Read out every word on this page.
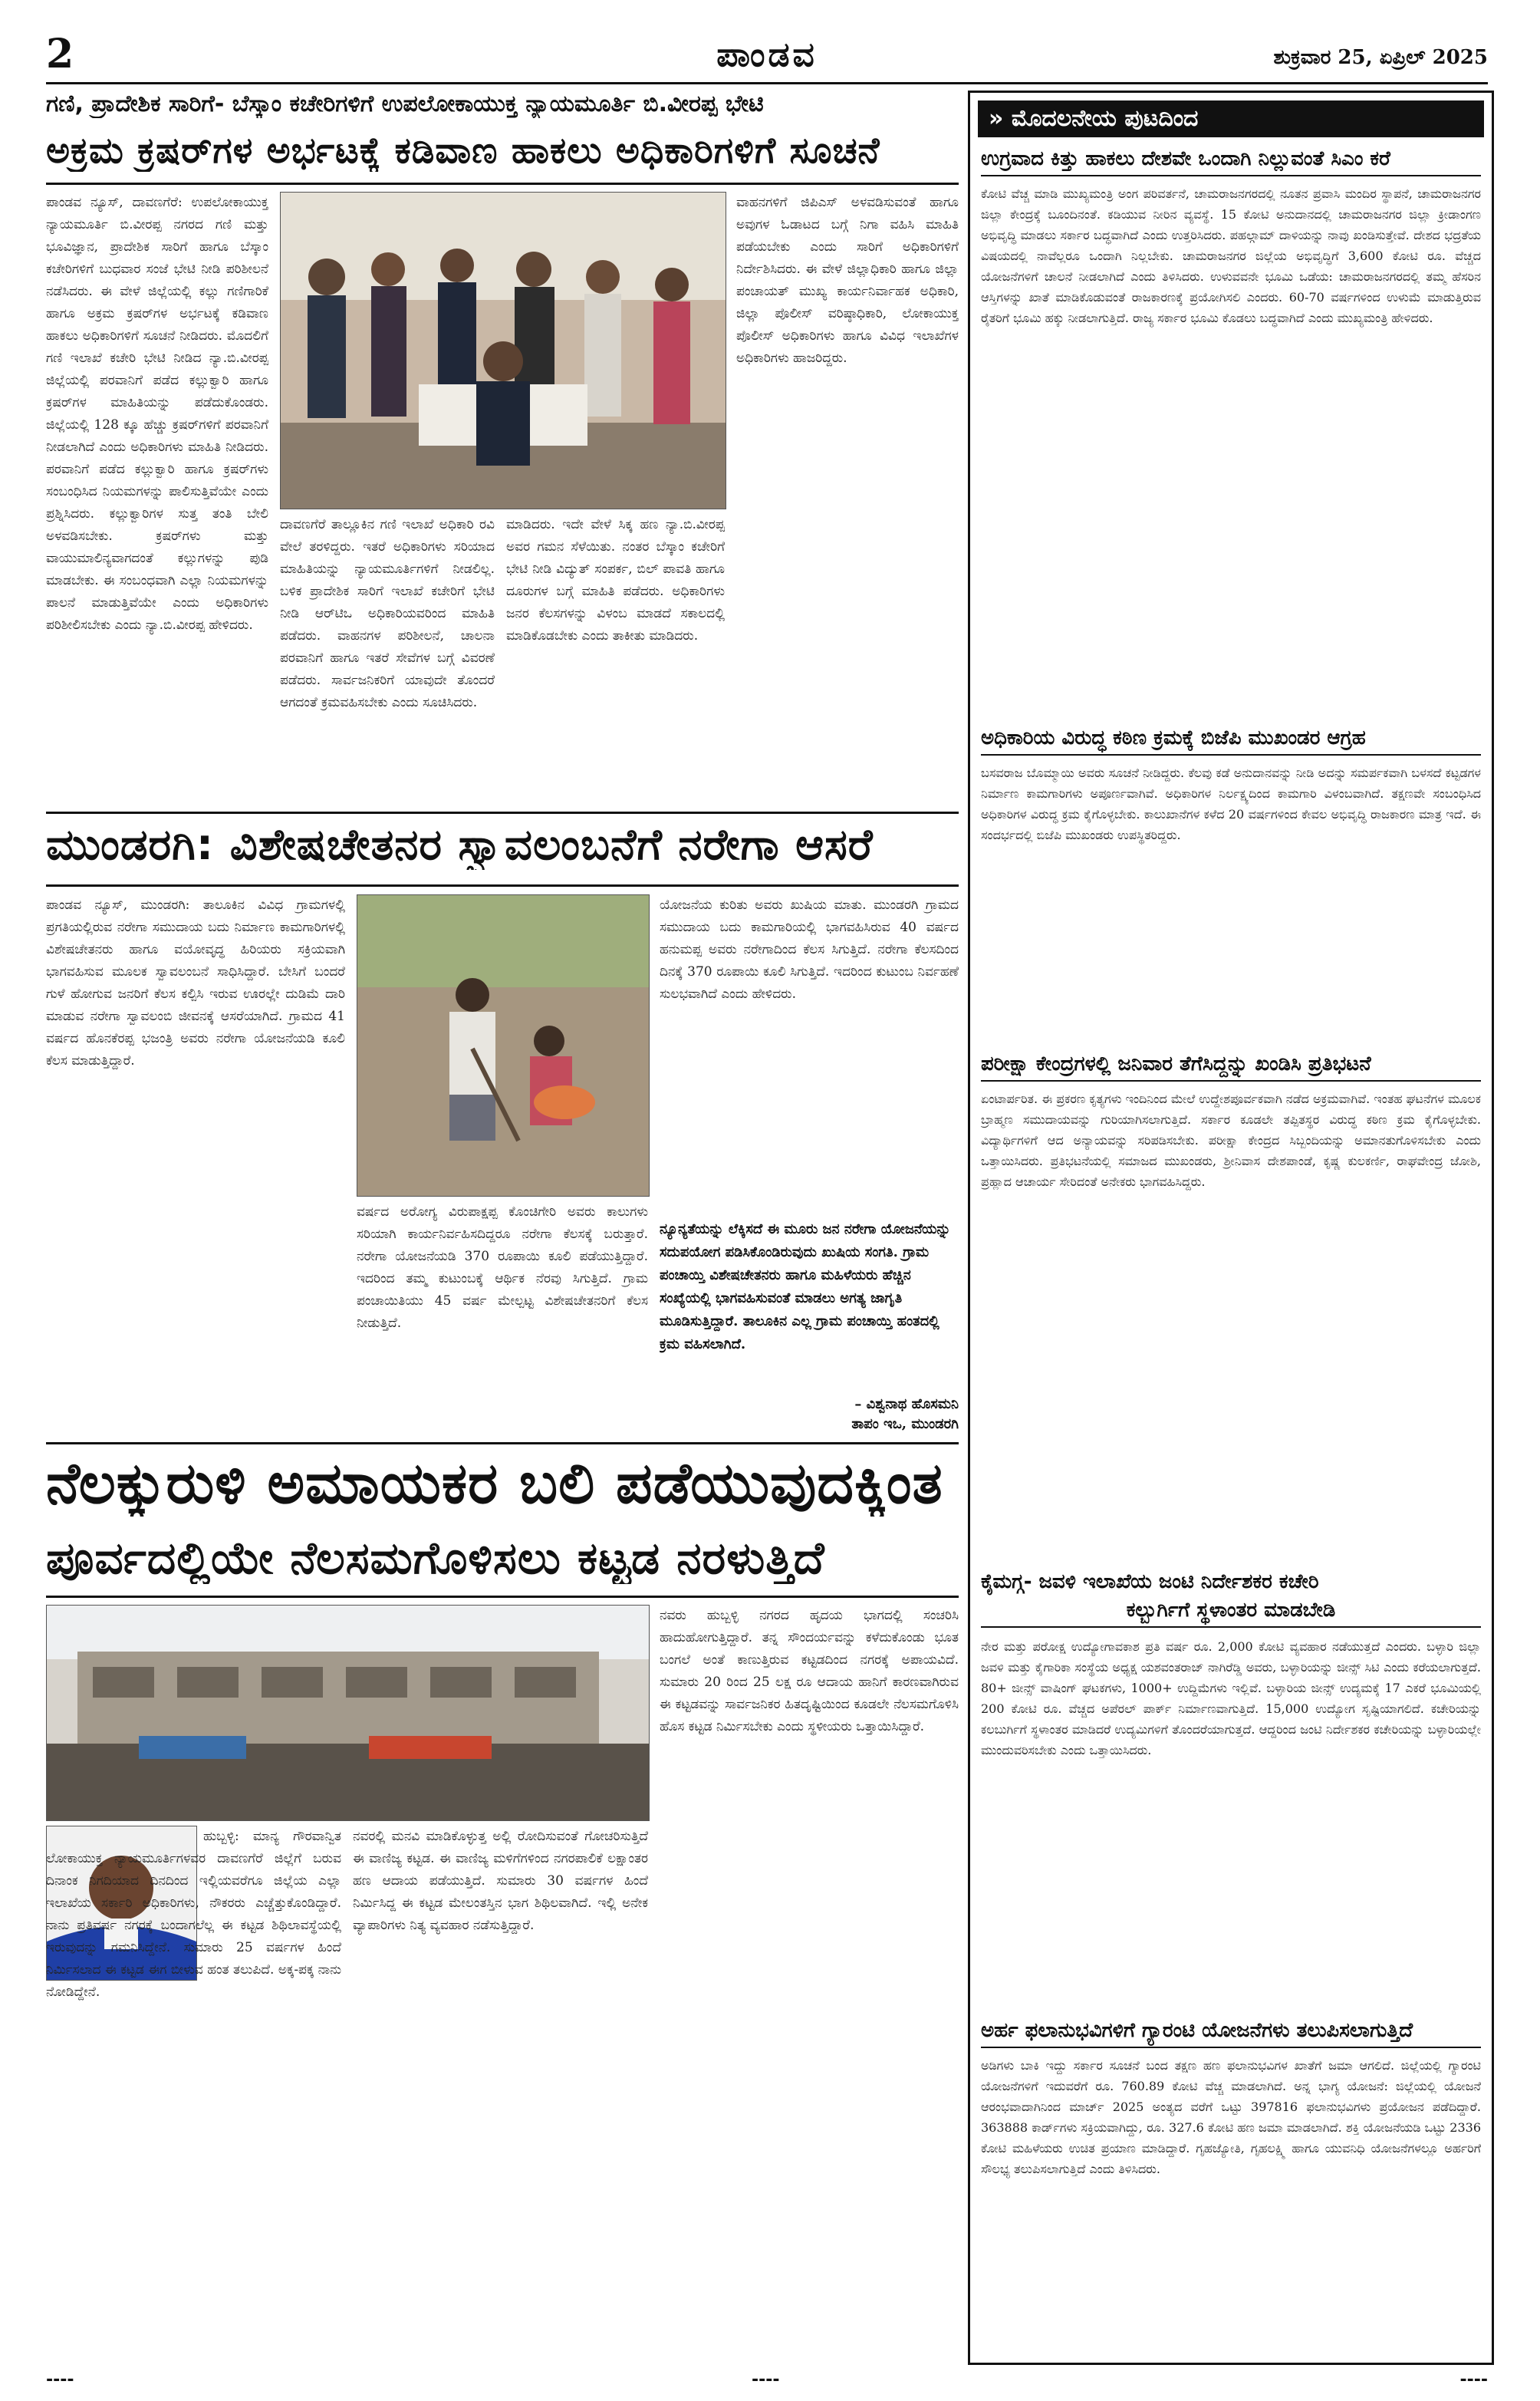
2	ಪಾಂಡವ	ಶುಕ್ರವಾರ 25, ಏಪ್ರಿಲ್ 2025
ಗಣಿ, ಪ್ರಾದೇಶಿಕ ಸಾರಿಗೆ- ಬೆಸ್ಕಾಂ ಕಚೇರಿಗಳಿಗೆ ಉಪಲೋಕಾಯುಕ್ತ ನ್ಯಾಯಮೂರ್ತಿ ಬಿ.ವೀರಪ್ಪ ಭೇಟಿ
ಅಕ್ರಮ ಕ್ರಷರ್‌ಗಳ ಅರ್ಭಟಕ್ಕೆ ಕಡಿವಾಣ ಹಾಕಲು ಅಧಿಕಾರಿಗಳಿಗೆ ಸೂಚನೆ
ಪಾಂಡವ ನ್ಯೂಸ್, ದಾವಣಗೆರೆ: ಉಪಲೋಕಾಯುಕ್ತ ನ್ಯಾಯಮೂರ್ತಿ ಬಿ.ವೀರಪ್ಪ ನಗರದ ಗಣಿ ಮತ್ತು ಭೂವಿಜ್ಞಾನ, ಪ್ರಾದೇಶಿಕ ಸಾರಿಗೆ ಹಾಗೂ ಬೆಸ್ಕಾಂ ಕಚೇರಿಗಳಿಗೆ ಬುಧವಾರ ಸಂಜೆ ಭೇಟಿ ನೀಡಿ ಪರಿಶೀಲನೆ ನಡೆಸಿದರು. ಈ ವೇಳೆ ಜಿಲ್ಲೆಯಲ್ಲಿ ಕಲ್ಲು ಗಣಿಗಾರಿಕೆ ಹಾಗೂ ಅಕ್ರಮ ಕ್ರಷರ್‌ಗಳ ಅರ್ಭಟಕ್ಕೆ ಕಡಿವಾಣ ಹಾಕಲು ಅಧಿಕಾರಿಗಳಿಗೆ ಸೂಚನೆ ನೀಡಿದರು. ಮೊದಲಿಗೆ ಗಣಿ ಇಲಾಖೆ ಕಚೇರಿ ಭೇಟಿ ನೀಡಿದ ನ್ಯಾ.ಬಿ.ವೀರಪ್ಪ ಜಿಲ್ಲೆಯಲ್ಲಿ ಪರವಾನಿಗೆ ಪಡೆದ ಕಲ್ಲುಕ್ವಾರಿ ಹಾಗೂ ಕ್ರಷರ್‌ಗಳ ಮಾಹಿತಿಯನ್ನು ಪಡೆದುಕೊಂಡರು. ಜಿಲ್ಲೆಯಲ್ಲಿ 128 ಕ್ಕೂ ಹೆಚ್ಚು ಕ್ರಷರ್‌ಗಳಿಗೆ ಪರವಾನಿಗೆ ನೀಡಲಾಗಿದೆ ಎಂದು ಅಧಿಕಾರಿಗಳು ಮಾಹಿತಿ ನೀಡಿದರು. ಪರವಾನಿಗೆ ಪಡೆದ ಕಲ್ಲುಕ್ವಾರಿ ಹಾಗೂ ಕ್ರಷರ್‌ಗಳು ಸಂಬಂಧಿಸಿದ ನಿಯಮಗಳನ್ನು ಪಾಲಿಸುತ್ತಿವೆಯೇ ಎಂದು ಪ್ರಶ್ನಿಸಿದರು. ಕಲ್ಲುಕ್ವಾರಿಗಳ ಸುತ್ತ ತಂತಿ ಬೇಲಿ ಅಳವಡಿಸಬೇಕು. ಕ್ರಷರ್‌ಗಳು ಮತ್ತು ವಾಯುಮಾಲಿನ್ಯವಾಗದಂತೆ ಕಲ್ಲುಗಳನ್ನು ಪುಡಿ ಮಾಡಬೇಕು. ಈ ಸಂಬಂಧವಾಗಿ ಎಲ್ಲಾ ನಿಯಮಗಳನ್ನು ಪಾಲನೆ ಮಾಡುತ್ತಿವೆಯೇ ಎಂದು ಅಧಿಕಾರಿಗಳು ಪರಿಶೀಲಿಸಬೇಕು ಎಂದು ನ್ಯಾ.ಬಿ.ವೀರಪ್ಪ ಹೇಳಿದರು.
ದಾವಣಗೆರೆ ತಾಲ್ಲೂಕಿನ ಗಣಿ ಇಲಾಖೆ ಅಧಿಕಾರಿ ರವಿ ವೇಲೆ ತರಳಿದ್ದರು. ಇತರೆ ಅಧಿಕಾರಿಗಳು ಸರಿಯಾದ ಮಾಹಿತಿಯನ್ನು ನ್ಯಾಯಮೂರ್ತಿಗಳಿಗೆ ನೀಡಲಿಲ್ಲ. ಬಳಿಕ ಪ್ರಾದೇಶಿಕ ಸಾರಿಗೆ ಇಲಾಖೆ ಕಚೇರಿಗೆ ಭೇಟಿ ನೀಡಿ ಆರ್‌ಟಿಒ ಅಧಿಕಾರಿಯವರಿಂದ ಮಾಹಿತಿ ಪಡೆದರು. ವಾಹನಗಳ ಪರಿಶೀಲನೆ, ಚಾಲನಾ ಪರವಾನಿಗೆ ಹಾಗೂ ಇತರೆ ಸೇವೆಗಳ ಬಗ್ಗೆ ವಿವರಣೆ ಪಡೆದರು. ಸಾರ್ವಜನಿಕರಿಗೆ ಯಾವುದೇ ತೊಂದರೆ ಆಗದಂತೆ ಕ್ರಮವಹಿಸಬೇಕು ಎಂದು ಸೂಚಿಸಿದರು.
ಮಾಡಿದರು. ಇದೇ ವೇಳೆ ಸಿಕ್ಕ ಹಣ ನ್ಯಾ.ಬಿ.ವೀರಪ್ಪ ಅವರ ಗಮನ ಸೆಳೆಯಿತು. ನಂತರ ಬೆಸ್ಕಾಂ ಕಚೇರಿಗೆ ಭೇಟಿ ನೀಡಿ ವಿದ್ಯುತ್ ಸಂಪರ್ಕ, ಬಿಲ್ ಪಾವತಿ ಹಾಗೂ ದೂರುಗಳ ಬಗ್ಗೆ ಮಾಹಿತಿ ಪಡೆದರು. ಅಧಿಕಾರಿಗಳು ಜನರ ಕೆಲಸಗಳನ್ನು ವಿಳಂಬ ಮಾಡದೆ ಸಕಾಲದಲ್ಲಿ ಮಾಡಿಕೊಡಬೇಕು ಎಂದು ತಾಕೀತು ಮಾಡಿದರು.
ವಾಹನಗಳಿಗೆ ಜಿಪಿಎಸ್ ಅಳವಡಿಸುವಂತೆ ಹಾಗೂ ಅವುಗಳ ಓಡಾಟದ ಬಗ್ಗೆ ನಿಗಾ ವಹಿಸಿ ಮಾಹಿತಿ ಪಡೆಯಬೇಕು ಎಂದು ಸಾರಿಗೆ ಅಧಿಕಾರಿಗಳಿಗೆ ನಿರ್ದೇಶಿಸಿದರು. ಈ ವೇಳೆ ಜಿಲ್ಲಾಧಿಕಾರಿ ಹಾಗೂ ಜಿಲ್ಲಾ ಪಂಚಾಯತ್ ಮುಖ್ಯ ಕಾರ್ಯನಿರ್ವಾಹಕ ಅಧಿಕಾರಿ, ಜಿಲ್ಲಾ ಪೊಲೀಸ್ ವರಿಷ್ಠಾಧಿಕಾರಿ, ಲೋಕಾಯುಕ್ತ ಪೊಲೀಸ್ ಅಧಿಕಾರಿಗಳು ಹಾಗೂ ವಿವಿಧ ಇಲಾಖೆಗಳ ಅಧಿಕಾರಿಗಳು ಹಾಜರಿದ್ದರು.
ಮುಂಡರಗಿ: ವಿಶೇಷಚೇತನರ ಸ್ವಾವಲಂಬನೆಗೆ ನರೇಗಾ ಆಸರೆ
ಪಾಂಡವ ನ್ಯೂಸ್, ಮುಂಡರಗಿ: ತಾಲೂಕಿನ ವಿವಿಧ ಗ್ರಾಮಗಳಲ್ಲಿ ಪ್ರಗತಿಯಲ್ಲಿರುವ ನರೇಗಾ ಸಮುದಾಯ ಬದು ನಿರ್ಮಾಣ ಕಾಮಗಾರಿಗಳಲ್ಲಿ ವಿಶೇಷಚೇತನರು ಹಾಗೂ ವಯೋವೃದ್ಧ ಹಿರಿಯರು ಸಕ್ರಿಯವಾಗಿ ಭಾಗವಹಿಸುವ ಮೂಲಕ ಸ್ವಾವಲಂಬನೆ ಸಾಧಿಸಿದ್ದಾರೆ. ಬೇಸಿಗೆ ಬಂದರೆ ಗುಳೆ ಹೋಗುವ ಜನರಿಗೆ ಕೆಲಸ ಕಲ್ಪಿಸಿ ಇರುವ ಊರಲ್ಲೇ ದುಡಿಮೆ ದಾರಿ ಮಾಡುವ ನರೇಗಾ ಸ್ವಾವಲಂಬಿ ಜೀವನಕ್ಕೆ ಆಸರೆಯಾಗಿದೆ. ಗ್ರಾಮದ 41 ವರ್ಷದ ಹೊನಕೆರಪ್ಪ ಭಜಂತ್ರಿ ಅವರು ನರೇಗಾ ಯೋಜನೆಯಡಿ ಕೂಲಿ ಕೆಲಸ ಮಾಡುತ್ತಿದ್ದಾರೆ.
ವರ್ಷದ ಅರೋಗ್ಯ ವಿರುಪಾಕ್ಷಪ್ಪ ಕೊಂಚಿಗೇರಿ ಅವರು ಕಾಲುಗಳು ಸರಿಯಾಗಿ ಕಾರ್ಯನಿರ್ವಹಿಸದಿದ್ದರೂ ನರೇಗಾ ಕೆಲಸಕ್ಕೆ ಬರುತ್ತಾರೆ. ನರೇಗಾ ಯೋಜನೆಯಡಿ 370 ರೂಪಾಯಿ ಕೂಲಿ ಪಡೆಯುತ್ತಿದ್ದಾರೆ. ಇದರಿಂದ ತಮ್ಮ ಕುಟುಂಬಕ್ಕೆ ಆರ್ಥಿಕ ನೆರವು ಸಿಗುತ್ತಿದೆ. ಗ್ರಾಮ ಪಂಚಾಯಿತಿಯು 45 ವರ್ಷ ಮೇಲ್ಪಟ್ಟ ವಿಶೇಷಚೇತನರಿಗೆ ಕೆಲಸ ನೀಡುತ್ತಿದೆ.
ಯೋಜನೆಯ ಕುರಿತು ಅವರು ಖುಷಿಯ ಮಾತು. ಮುಂಡರಗಿ ಗ್ರಾಮದ ಸಮುದಾಯ ಬದು ಕಾಮಗಾರಿಯಲ್ಲಿ ಭಾಗವಹಿಸಿರುವ 40 ವರ್ಷದ ಹನುಮಪ್ಪ ಅವರು ನರೇಗಾದಿಂದ ಕೆಲಸ ಸಿಗುತ್ತಿದೆ. ನರೇಗಾ ಕೆಲಸದಿಂದ ದಿನಕ್ಕೆ 370 ರೂಪಾಯಿ ಕೂಲಿ ಸಿಗುತ್ತಿದೆ. ಇದರಿಂದ ಕುಟುಂಬ ನಿರ್ವಹಣೆ ಸುಲಭವಾಗಿದೆ ಎಂದು ಹೇಳಿದರು.
ನ್ಯೂನ್ಯತೆಯನ್ನು ಲೆಕ್ಕಿಸದೆ ಈ ಮೂರು ಜನ ನರೇಗಾ ಯೋಜನೆಯನ್ನು ಸದುಪಯೋಗ ಪಡಿಸಿಕೊಂಡಿರುವುದು ಖುಷಿಯ ಸಂಗತಿ. ಗ್ರಾಮ ಪಂಚಾಯ್ತಿ ವಿಶೇಷಚೇತನರು ಹಾಗೂ ಮಹಿಳೆಯರು ಹೆಚ್ಚಿನ ಸಂಖ್ಯೆಯಲ್ಲಿ ಭಾಗವಹಿಸುವಂತೆ ಮಾಡಲು ಅಗತ್ಯ ಜಾಗೃತಿ ಮೂಡಿಸುತ್ತಿದ್ದಾರೆ. ತಾಲೂಕಿನ ಎಲ್ಲ ಗ್ರಾಮ ಪಂಚಾಯ್ತಿ ಹಂತದಲ್ಲಿ ಕ್ರಮ ವಹಿಸಲಾಗಿದೆ.
– ವಿಶ್ವನಾಥ ಹೊಸಮನಿ
ತಾಪಂ ಇಒ, ಮುಂಡರಗಿ
ನೆಲಕ್ಕುರುಳಿ ಅಮಾಯಕರ ಬಲಿ ಪಡೆಯುವುದಕ್ಕಿಂತ
ಪೂರ್ವದಲ್ಲಿಯೇ ನೆಲಸಮಗೊಳಿಸಲು ಕಟ್ಟಡ ನರಳುತ್ತಿದೆ
ಹುಬ್ಬಳ್ಳಿ: ಮಾನ್ಯ ಗೌರವಾನ್ವಿತ ಲೋಕಾಯುಕ್ತ ನ್ಯಾಯಮೂರ್ತಿಗಳವರ ದಾವಣಗೆರೆ ಜಿಲ್ಲೆಗೆ ಬರುವ ದಿನಾಂಕ ನಿಗದಿಯಾದ ದಿನದಿಂದ ಇಲ್ಲಿಯವರೆಗೂ ಜಿಲ್ಲೆಯ ಎಲ್ಲಾ ಇಲಾಖೆಯ ಸರ್ಕಾರಿ ಅಧಿಕಾರಿಗಳು, ನೌಕರರು ಎಚ್ಚೆತ್ತುಕೊಂಡಿದ್ದಾರೆ. ನಾನು ಪ್ರತಿವರ್ಷ ನಗರಕ್ಕೆ ಬಂದಾಗಲೆಲ್ಲ ಈ ಕಟ್ಟಡ ಶಿಥಿಲಾವಸ್ಥೆಯಲ್ಲಿ ಇರುವುದನ್ನು ಗಮನಿಸಿದ್ದೇನೆ. ಸುಮಾರು 25 ವರ್ಷಗಳ ಹಿಂದೆ ನಿರ್ಮಿಸಲಾದ ಈ ಕಟ್ಟಡ ಈಗ ಬೀಳುವ ಹಂತ ತಲುಪಿದೆ. ಅಕ್ಕ-ಪಕ್ಕ ನಾನು ನೋಡಿದ್ದೇನೆ.
ನವರಲ್ಲಿ ಮನವಿ ಮಾಡಿಕೊಳ್ಳುತ್ತ ಅಲ್ಲಿ ರೋದಿಸುವಂತೆ ಗೋಚರಿಸುತ್ತಿದೆ ಈ ವಾಣಿಜ್ಯ ಕಟ್ಟಡ. ಈ ವಾಣಿಜ್ಯ ಮಳಿಗೆಗಳಿಂದ ನಗರಪಾಲಿಕೆ ಲಕ್ಷಾಂತರ ಹಣ ಆದಾಯ ಪಡೆಯುತ್ತಿದೆ. ಸುಮಾರು 30 ವರ್ಷಗಳ ಹಿಂದೆ ನಿರ್ಮಿಸಿದ್ದ ಈ ಕಟ್ಟಡ ಮೇಲಂತಸ್ತಿನ ಭಾಗ ಶಿಥಿಲವಾಗಿದೆ. ಇಲ್ಲಿ ಅನೇಕ ವ್ಯಾಪಾರಿಗಳು ನಿತ್ಯ ವ್ಯವಹಾರ ನಡೆಸುತ್ತಿದ್ದಾರೆ.
ನವರು ಹುಬ್ಬಳ್ಳಿ ನಗರದ ಹೃದಯ ಭಾಗದಲ್ಲಿ ಸಂಚರಿಸಿ ಹಾದುಹೋಗುತ್ತಿದ್ದಾರೆ. ತನ್ನ ಸೌಂದರ್ಯವನ್ನು ಕಳೆದುಕೊಂಡು ಭೂತ ಬಂಗಲೆ ಅಂತೆ ಕಾಣುತ್ತಿರುವ ಕಟ್ಟಡದಿಂದ ನಗರಕ್ಕೆ ಅಪಾಯವಿದೆ. ಸುಮಾರು 20 ರಿಂದ 25 ಲಕ್ಷ ರೂ ಆದಾಯ ಹಾನಿಗೆ ಕಾರಣವಾಗಿರುವ ಈ ಕಟ್ಟಡವನ್ನು ಸಾರ್ವಜನಿಕರ ಹಿತದೃಷ್ಟಿಯಿಂದ ಕೂಡಲೇ ನೆಲಸಮಗೊಳಿಸಿ ಹೊಸ ಕಟ್ಟಡ ನಿರ್ಮಿಸಬೇಕು ಎಂದು ಸ್ಥಳೀಯರು ಒತ್ತಾಯಿಸಿದ್ದಾರೆ.
» ಮೊದಲನೇಯ ಪುಟದಿಂದ
ಉಗ್ರವಾದ ಕಿತ್ತು ಹಾಕಲು ದೇಶವೇ ಒಂದಾಗಿ ನಿಲ್ಲುವಂತೆ ಸಿಎಂ ಕರೆ
ಕೋಟಿ ವೆಚ್ಚ ಮಾಡಿ ಮುಖ್ಯಮಂತ್ರಿ ಅಂಗ ಪರಿವರ್ತನೆ, ಚಾಮರಾಜನಗರದಲ್ಲಿ ನೂತನ ಪ್ರವಾಸಿ ಮಂದಿರ ಸ್ಥಾಪನೆ, ಚಾಮರಾಜನಗರ ಜಿಲ್ಲಾ ಕೇಂದ್ರಕ್ಕೆ ಬೂಂದಿನಂತೆ. ಕಡಿಯುವ ನೀರಿನ ವ್ಯವಸ್ಥೆ. 15 ಕೋಟಿ ಅನುದಾನದಲ್ಲಿ ಚಾಮರಾಜನಗರ ಜಿಲ್ಲಾ ಕ್ರೀಡಾಂಗಣ ಅಭಿವೃದ್ಧಿ ಮಾಡಲು ಸರ್ಕಾರ ಬದ್ಧವಾಗಿದೆ ಎಂದು ಉತ್ತರಿಸಿದರು. ಪಹಲ್ಗಾಮ್ ದಾಳಿಯನ್ನು ನಾವು ಖಂಡಿಸುತ್ತೇವೆ. ದೇಶದ ಭದ್ರತೆಯ ವಿಷಯದಲ್ಲಿ ನಾವೆಲ್ಲರೂ ಒಂದಾಗಿ ನಿಲ್ಲಬೇಕು. ಚಾಮರಾಜನಗರ ಜಿಲ್ಲೆಯ ಅಭಿವೃದ್ಧಿಗೆ 3,600 ಕೋಟಿ ರೂ. ವೆಚ್ಚದ ಯೋಜನೆಗಳಿಗೆ ಚಾಲನೆ ನೀಡಲಾಗಿದೆ ಎಂದು ತಿಳಿಸಿದರು. ಉಳುವವನೇ ಭೂಮಿ ಒಡೆಯ: ಚಾಮರಾಜನಗರದಲ್ಲಿ ತಮ್ಮ ಹೆಸರಿನ ಆಸ್ತಿಗಳನ್ನು ಖಾತೆ ಮಾಡಿಕೊಡುವಂತೆ ರಾಜಕಾರಣಕ್ಕೆ ಪ್ರಯೋಗಿಸಲಿ ಎಂದರು. 60-70 ವರ್ಷಗಳಿಂದ ಉಳುಮೆ ಮಾಡುತ್ತಿರುವ ರೈತರಿಗೆ ಭೂಮಿ ಹಕ್ಕು ನೀಡಲಾಗುತ್ತಿದೆ. ರಾಜ್ಯ ಸರ್ಕಾರ ಭೂಮಿ ಕೊಡಲು ಬದ್ಧವಾಗಿದೆ ಎಂದು ಮುಖ್ಯಮಂತ್ರಿ ಹೇಳಿದರು.
ಅಧಿಕಾರಿಯ ವಿರುದ್ಧ ಕಠಿಣ ಕ್ರಮಕ್ಕೆ ಬಿಜೆಪಿ ಮುಖಂಡರ ಆಗ್ರಹ
ಬಸವರಾಜ ಬೊಮ್ಮಾಯಿ ಅವರು ಸೂಚನೆ ನೀಡಿದ್ದರು. ಕೆಲವು ಕಡೆ ಅನುದಾನವನ್ನು ನೀಡಿ ಅದನ್ನು ಸಮರ್ಪಕವಾಗಿ ಬಳಸದೆ ಕಟ್ಟಡಗಳ ನಿರ್ಮಾಣ ಕಾಮಗಾರಿಗಳು ಅಪೂರ್ಣವಾಗಿವೆ. ಅಧಿಕಾರಿಗಳ ನಿರ್ಲಕ್ಷ್ಯದಿಂದ ಕಾಮಗಾರಿ ವಿಳಂಬವಾಗಿದೆ. ತಕ್ಷಣವೇ ಸಂಬಂಧಿಸಿದ ಅಧಿಕಾರಿಗಳ ವಿರುದ್ಧ ಕ್ರಮ ಕೈಗೊಳ್ಳಬೇಕು. ಕಾಲುಖಾನೆಗಳ ಕಳೆದ 20 ವರ್ಷಗಳಿಂದ ಕೇವಲ ಅಭಿವೃದ್ಧಿ ರಾಜಕಾರಣ ಮಾತ್ರ ಇದೆ. ಈ ಸಂದರ್ಭದಲ್ಲಿ ಬಿಜೆಪಿ ಮುಖಂಡರು ಉಪಸ್ಥಿತರಿದ್ದರು.
ಪರೀಕ್ಷಾ ಕೇಂದ್ರಗಳಲ್ಲಿ ಜನಿವಾರ ತೆಗೆಸಿದ್ದನ್ನು ಖಂಡಿಸಿ ಪ್ರತಿಭಟನೆ
ಏಂಟಾರ್ಪರಿತ. ಈ ಪ್ರಕರಣ ಕೃತ್ಯಗಳು ಇಂದಿನಿಂದ ಮೇಲೆ ಉದ್ದೇಶಪೂರ್ವಕವಾಗಿ ನಡೆದ ಅಕ್ರಮವಾಗಿವೆ. ಇಂತಹ ಘಟನೆಗಳ ಮೂಲಕ ಬ್ರಾಹ್ಮಣ ಸಮುದಾಯವನ್ನು ಗುರಿಯಾಗಿಸಲಾಗುತ್ತಿದೆ. ಸರ್ಕಾರ ಕೂಡಲೇ ತಪ್ಪಿತಸ್ಥರ ವಿರುದ್ಧ ಕಠಿಣ ಕ್ರಮ ಕೈಗೊಳ್ಳಬೇಕು. ವಿದ್ಯಾರ್ಥಿಗಳಿಗೆ ಆದ ಅನ್ಯಾಯವನ್ನು ಸರಿಪಡಿಸಬೇಕು. ಪರೀಕ್ಷಾ ಕೇಂದ್ರದ ಸಿಬ್ಬಂದಿಯನ್ನು ಅಮಾನತುಗೊಳಿಸಬೇಕು ಎಂದು ಒತ್ತಾಯಿಸಿದರು. ಪ್ರತಿಭಟನೆಯಲ್ಲಿ ಸಮಾಜದ ಮುಖಂಡರು, ಶ್ರೀನಿವಾಸ ದೇಶಪಾಂಡೆ, ಕೃಷ್ಣ ಕುಲಕರ್ಣಿ, ರಾಘವೇಂದ್ರ ಜೋಶಿ, ಪ್ರಹ್ಲಾದ ಆಚಾರ್ಯ ಸೇರಿದಂತೆ ಅನೇಕರು ಭಾಗವಹಿಸಿದ್ದರು.
ಕೈಮಗ್ಗ- ಜವಳಿ ಇಲಾಖೆಯ ಜಂಟಿ ನಿರ್ದೇಶಕರ ಕಚೇರಿ
ಕಲ್ಬುರ್ಗಿಗೆ ಸ್ಥಳಾಂತರ ಮಾಡಬೇಡಿ
ನೇರ ಮತ್ತು ಪರೋಕ್ಷ ಉದ್ಯೋಗಾವಕಾಶ ಪ್ರತಿ ವರ್ಷ ರೂ. 2,000 ಕೋಟಿ ವ್ಯವಹಾರ ನಡೆಯುತ್ತದೆ ಎಂದರು. ಬಳ್ಳಾರಿ ಜಿಲ್ಲಾ ಜವಳಿ ಮತ್ತು ಕೈಗಾರಿಕಾ ಸಂಸ್ಥೆಯ ಅಧ್ಯಕ್ಷ ಯಶವಂತರಾಜ್ ನಾಗಿರೆಡ್ಡಿ ಅವರು, ಬಳ್ಳಾರಿಯನ್ನು ಜೀನ್ಸ್ ಸಿಟಿ ಎಂದು ಕರೆಯಲಾಗುತ್ತದೆ. 80+ ಜೀನ್ಸ್ ವಾಷಿಂಗ್ ಘಟಕಗಳು, 1000+ ಉದ್ದಿಮೆಗಳು ಇಲ್ಲಿವೆ. ಬಳ್ಳಾರಿಯ ಜೀನ್ಸ್ ಉದ್ಯಮಕ್ಕೆ 17 ಎಕರೆ ಭೂಮಿಯಲ್ಲಿ 200 ಕೋಟಿ ರೂ. ವೆಚ್ಚದ ಅಪೆರಲ್ ಪಾರ್ಕ್ ನಿರ್ಮಾಣವಾಗುತ್ತಿದೆ. 15,000 ಉದ್ಯೋಗ ಸೃಷ್ಟಿಯಾಗಲಿದೆ. ಕಚೇರಿಯನ್ನು ಕಲಬುರ್ಗಿಗೆ ಸ್ಥಳಾಂತರ ಮಾಡಿದರೆ ಉದ್ಯಮಿಗಳಿಗೆ ತೊಂದರೆಯಾಗುತ್ತದೆ. ಆದ್ದರಿಂದ ಜಂಟಿ ನಿರ್ದೇಶಕರ ಕಚೇರಿಯನ್ನು ಬಳ್ಳಾರಿಯಲ್ಲೇ ಮುಂದುವರಿಸಬೇಕು ಎಂದು ಒತ್ತಾಯಿಸಿದರು.
ಅರ್ಹ ಫಲಾನುಭವಿಗಳಿಗೆ ಗ್ಯಾರಂಟಿ ಯೋಜನೆಗಳು ತಲುಪಿಸಲಾಗುತ್ತಿದೆ
ಅಡಿಗಳು ಬಾಕಿ ಇದ್ದು ಸರ್ಕಾರ ಸೂಚನೆ ಬಂದ ತಕ್ಷಣ ಹಣ ಫಲಾನುಭವಿಗಳ ಖಾತೆಗೆ ಜಮಾ ಆಗಲಿದೆ. ಜಿಲ್ಲೆಯಲ್ಲಿ ಗ್ಯಾರಂಟಿ ಯೋಜನೆಗಳಿಗೆ ಇದುವರೆಗೆ ರೂ. 760.89 ಕೋಟಿ ವೆಚ್ಚ ಮಾಡಲಾಗಿದೆ. ಅನ್ನ ಭಾಗ್ಯ ಯೋಜನೆ: ಜಿಲ್ಲೆಯಲ್ಲಿ ಯೋಜನೆ ಆರಂಭವಾದಾಗಿನಿಂದ ಮಾರ್ಚ್ 2025 ಅಂತ್ಯದ ವರೆಗೆ ಒಟ್ಟು 397816 ಫಲಾನುಭವಿಗಳು ಪ್ರಯೋಜನ ಪಡೆದಿದ್ದಾರೆ. 363888 ಕಾರ್ಡ್‌ಗಳು ಸಕ್ರಿಯವಾಗಿದ್ದು, ರೂ. 327.6 ಕೋಟಿ ಹಣ ಜಮಾ ಮಾಡಲಾಗಿದೆ. ಶಕ್ತಿ ಯೋಜನೆಯಡಿ ಒಟ್ಟು 2336 ಕೋಟಿ ಮಹಿಳೆಯರು ಉಚಿತ ಪ್ರಯಾಣ ಮಾಡಿದ್ದಾರೆ. ಗೃಹಜ್ಯೋತಿ, ಗೃಹಲಕ್ಷ್ಮಿ ಹಾಗೂ ಯುವನಿಧಿ ಯೋಜನೆಗಳಲ್ಲೂ ಅರ್ಹರಿಗೆ ಸೌಲಭ್ಯ ತಲುಪಿಸಲಾಗುತ್ತಿದೆ ಎಂದು ತಿಳಿಸಿದರು.
----	----	----
